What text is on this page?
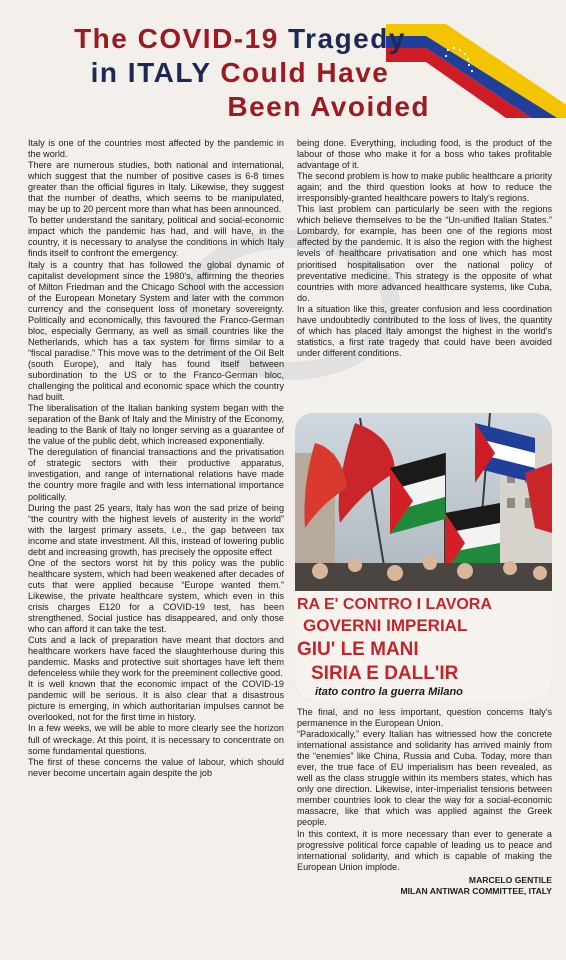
The COVID-19 Tragedy
in ITALY Could Have
Been Avoided

Italy is one of the countries most affected by the pandemic in the world.

There are numerous studies, both national and international, which suggest that the number of positive cases is 6-8 times greater than the official figures in Italy. Likewise, they suggest that the number of deaths, which seems to be manipulated, may be up to 20 percent more than what has been announced.

To better understand the sanitary, political and social-economic impact which the pandemic has had, and will have, in the country, it is necessary to analyse the conditions in which Italy finds itself to confront the emergency.

Italy is a country that has followed the global dynamic of capitalist development since the 1980's, affirming the theories of Milton Friedman and the Chicago School with the accession of the European Monetary System and later with the common currency and the consequent loss of monetary sovereignty. Politically and economically, this favoured the Franco-German bloc, especially Germany, as well as small countries like the Netherlands, which has a tax system for firms similar to a “fiscal paradise.” This move was to the detriment of the Oil Belt (south Europe), and Italy has found itself between subordination to the US or to the Franco-German bloc, challenging the political and economic space which the country had built.

The liberalisation of the Italian banking system began with the separation of the Bank of Italy and the Ministry of the Economy, leading to the Bank of Italy no longer serving as a guarantee of the value of the public debt, which increased exponentially.

The deregulation of financial transactions and the privatisation of strategic sectors with their productive apparatus, investigation, and range of international relations have made the country more fragile and with less international importance politically.

During the past 25 years, Italy has won the sad prize of being “the country with the highest levels of austerity in the world” with the largest primary assets, i.e., the gap between tax income and state investment. All this, instead of lowering public debt and increasing growth, has precisely the opposite effect

One of the sectors worst hit by this policy was the public healthcare system, which had been weakened after decades of cuts that were applied because “Europe wanted them.” Likewise, the private healthcare system, which even in this crisis charges E120 for a COVID-19 test, has been strengthened. Social justice has disappeared, and only those who can afford it can take the test.

Cuts and a lack of preparation have meant that doctors and healthcare workers have faced the slaughterhouse during this pandemic. Masks and protective suit shortages have left them defenceless while they work for the preeminent collective good.

It is well known that the economic impact of the COVID-19 pandemic will be serious. It is also clear that a disastrous picture is emerging, in which authoritarian impulses cannot be overlooked, not for the first time in history.

In a few weeks, we will be able to more clearly see the horizon full of wreckage. At this point, it is necessary to concentrate on some fundamental questions.

The first of these concerns the value of labour, which should never become uncertain again despite the job

being done. Everything, including food, is the product of the labour of those who make it for a boss who takes profitable advantage of it.

The second problem is how to make public healthcare a priority again; and the third question looks at how to reduce the irresponsibly-granted healthcare powers to Italy's regions.

This last problem can particularly be seen with the regions which believe themselves to be the “Un-unified Italian States.” Lombardy, for example, has been one of the regions most affected by the pandemic. It is also the region with the highest levels of healthcare privatisation and one which has most prioritised hospitalisation over the national policy of preventative medicine. This strategy is the opposite of what countries with more advanced healthcare systems, like Cuba, do.

In a situation like this, greater confusion and less coordination have undoubtedly contributed to the loss of lives, the quantity of which has placed Italy amongst the highest in the world's statistics, a first rate tragedy that could have been avoided under different conditions.

RA E' CONTRO I LAVORA
GOVERNI IMPERIAL
GIU' LE MANI
SIRIA E DALL'IR
itato contro la guerra Milano

The final, and no less important, question concerns Italy's permanence in the European Union.

“Paradoxically,” every Italian has witnessed how the concrete international assistance and solidarity has arrived mainly from the “enemies” like China, Russia and Cuba. Today, more than ever, the true face of EU imperialism has been revealed, as well as the class struggle within its members states, which has only one direction. Likewise, inter-imperialist tensions between member countries look to clear the way for a social-economic massacre, like that which was applied against the Greek people.

In this context, it is more necessary than ever to generate a progressive political force capable of leading us to peace and international solidarity, and which is capable of making the European Union implode.

MARCELO GENTILE
MILAN ANTIWAR COMMITTEE, ITALY
